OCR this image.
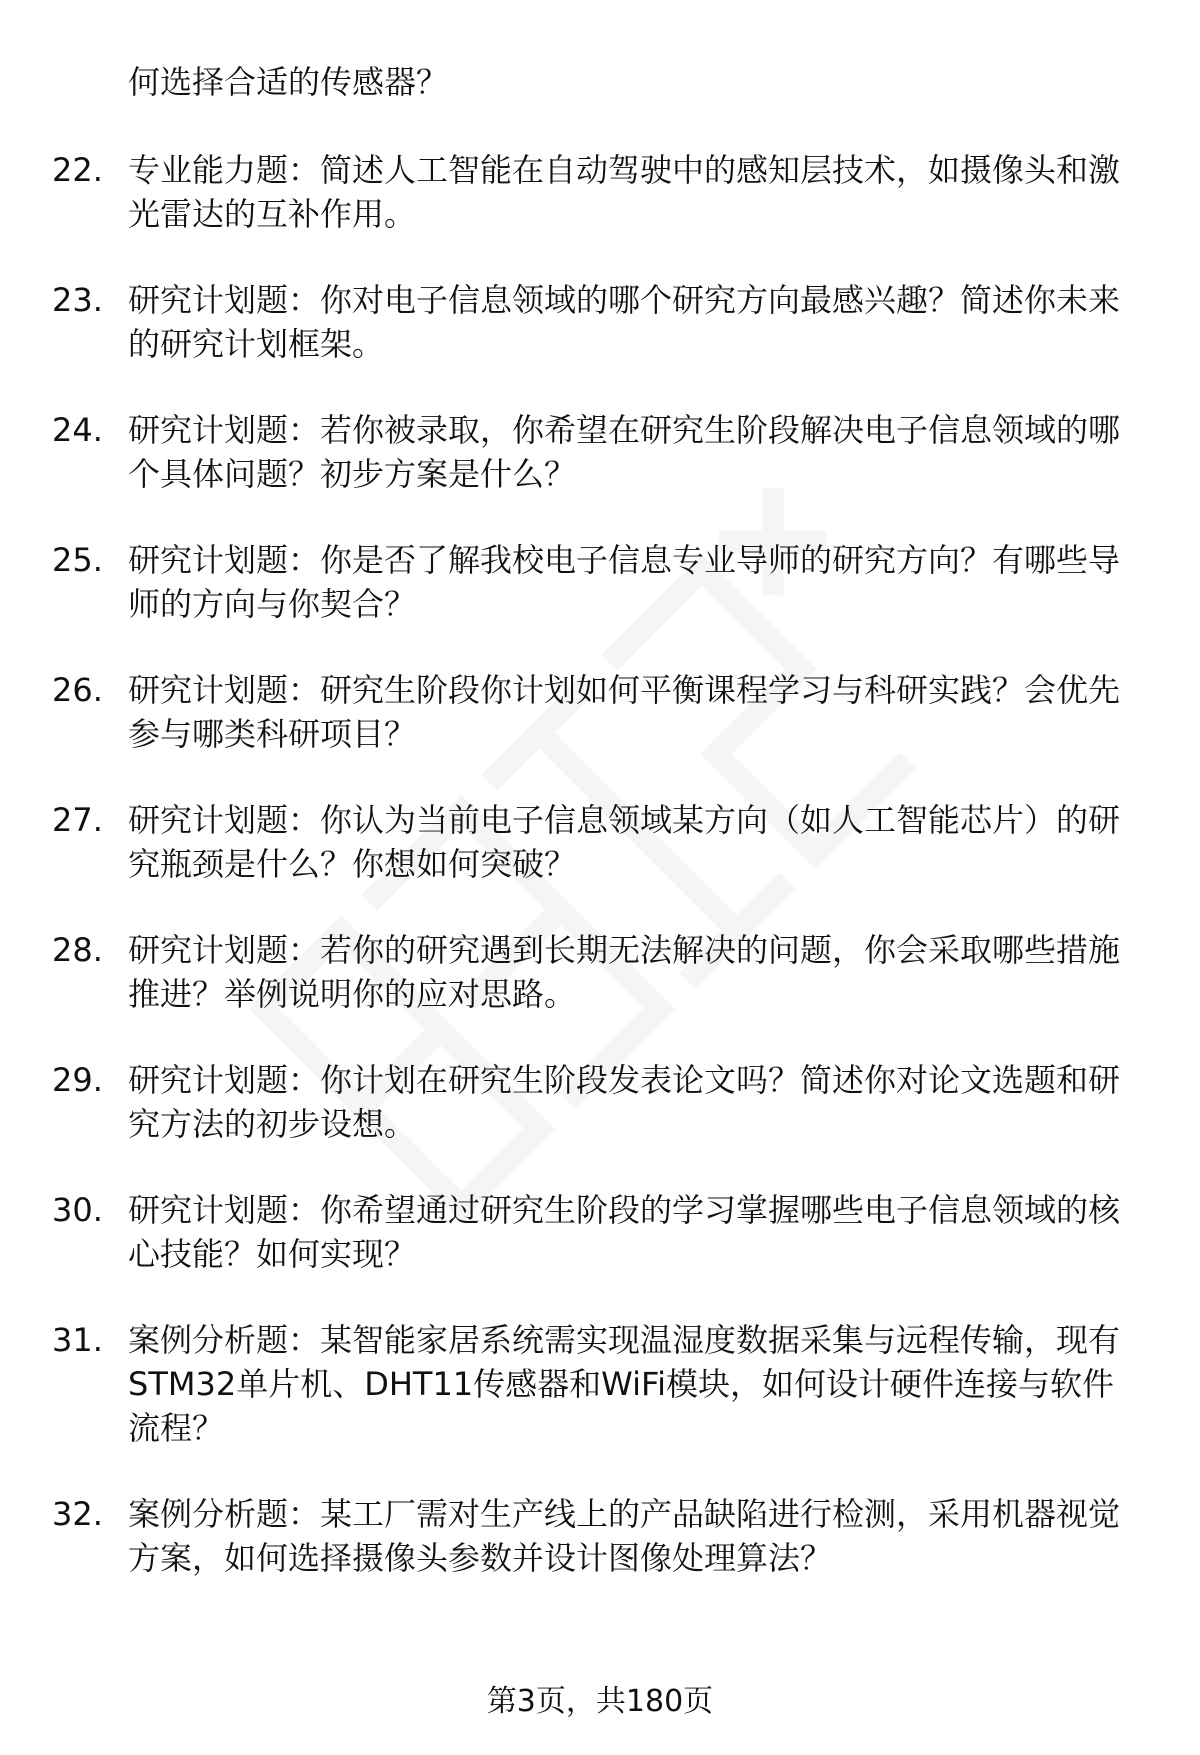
何选择合适的传感器？
22. 专业能力题：简述人工智能在自动驾驶中的感知层技术，如摄像头和激光雷达的互补作用。
23. 研究计划题：你对电子信息领域的哪个研究方向最感兴趣？简述你未来的研究计划框架。
24. 研究计划题：若你被录取，你希望在研究生阶段解决电子信息领域的哪个具体问题？初步方案是什么？
25. 研究计划题：你是否了解我校电子信息专业导师的研究方向？有哪些导师的方向与你契合？
26. 研究计划题：研究生阶段你计划如何平衡课程学习与科研实践？会优先参与哪类科研项目？
27. 研究计划题：你认为当前电子信息领域某方向（如人工智能芯片）的研究瓶颈是什么？你想如何突破？
28. 研究计划题：若你的研究遇到长期无法解决的问题，你会采取哪些措施推进？举例说明你的应对思路。
29. 研究计划题：你计划在研究生阶段发表论文吗？简述你对论文选题和研究方法的初步设想。
30. 研究计划题：你希望通过研究生阶段的学习掌握哪些电子信息领域的核心技能？如何实现？
31. 案例分析题：某智能家居系统需实现温湿度数据采集与远程传输，现有STM32单片机、DHT11传感器和WiFi模块，如何设计硬件连接与软件流程？
32. 案例分析题：某工厂需对生产线上的产品缺陷进行检测，采用机器视觉方案，如何选择摄像头参数并设计图像处理算法？
第3页，共180页
